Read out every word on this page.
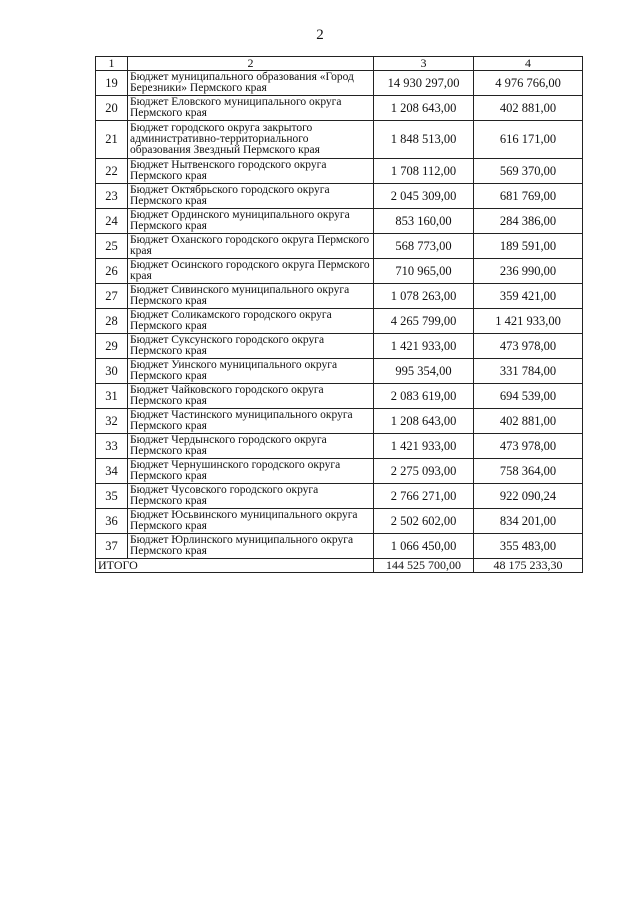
2
1	2	3	4
19	Бюджет муниципального образования «Город Березники» Пермского края	14 930 297,00	4 976 766,00
20	Бюджет Еловского муниципального округа Пермского края	1 208 643,00	402 881,00
21	Бюджет городского округа закрытого административно-территориального образования Звездный Пермского края	1 848 513,00	616 171,00
22	Бюджет Нытвенского городского округа Пермского края	1 708 112,00	569 370,00
23	Бюджет Октябрьского городского округа Пермского края	2 045 309,00	681 769,00
24	Бюджет Ординского муниципального округа Пермского края	853 160,00	284 386,00
25	Бюджет Оханского городского округа Пермского края	568 773,00	189 591,00
26	Бюджет Осинского городского округа Пермского края	710 965,00	236 990,00
27	Бюджет Сивинского муниципального округа Пермского края	1 078 263,00	359 421,00
28	Бюджет Соликамского городского округа Пермского края	4 265 799,00	1 421 933,00
29	Бюджет Суксунского городского округа Пермского края	1 421 933,00	473 978,00
30	Бюджет Уинского муниципального округа Пермского края	995 354,00	331 784,00
31	Бюджет Чайковского городского округа Пермского края	2 083 619,00	694 539,00
32	Бюджет Частинского муниципального округа Пермского края	1 208 643,00	402 881,00
33	Бюджет Чердынского городского округа Пермского края	1 421 933,00	473 978,00
34	Бюджет Чернушинского городского округа Пермского края	2 275 093,00	758 364,00
35	Бюджет Чусовского городского округа Пермского края	2 766 271,00	922 090,24
36	Бюджет Юсьвинского муниципального округа Пермского края	2 502 602,00	834 201,00
37	Бюджет Юрлинского муниципального округа Пермского края	1 066 450,00	355 483,00
ИТОГО		144 525 700,00	48 175 233,30
